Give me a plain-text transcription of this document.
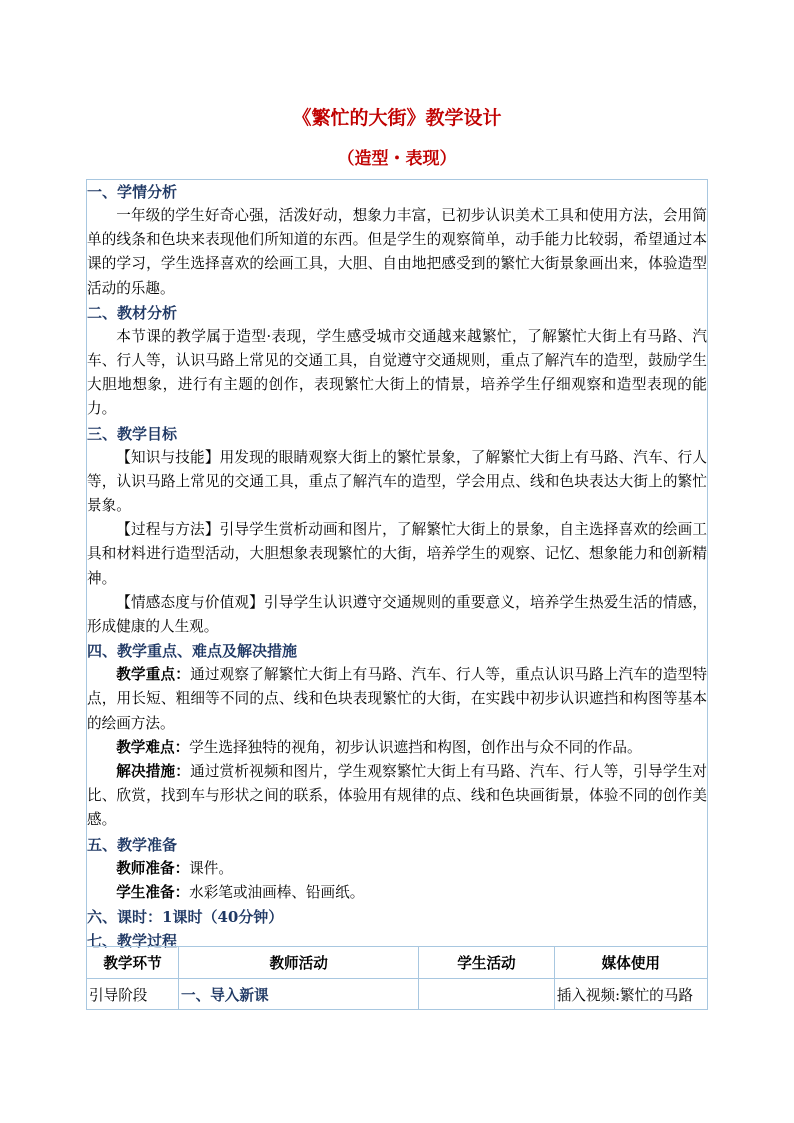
《繁忙的大街》教学设计
（造型・表现）
一、学情分析
一年级的学生好奇心强，活泼好动，想象力丰富，已初步认识美术工具和使用方法，会用简单的线条和色块来表现他们所知道的东西。但是学生的观察简单，动手能力比较弱，希望通过本课的学习，学生选择喜欢的绘画工具，大胆、自由地把感受到的繁忙大街景象画出来，体验造型活动的乐趣。
二、教材分析
本节课的教学属于造型·表现，学生感受城市交通越来越繁忙，了解繁忙大街上有马路、汽车、行人等，认识马路上常见的交通工具，自觉遵守交通规则，重点了解汽车的造型，鼓励学生大胆地想象，进行有主题的创作，表现繁忙大街上的情景，培养学生仔细观察和造型表现的能力。
三、教学目标
【知识与技能】用发现的眼睛观察大街上的繁忙景象，了解繁忙大街上有马路、汽车、行人等，认识马路上常见的交通工具，重点了解汽车的造型，学会用点、线和色块表达大街上的繁忙景象。
【过程与方法】引导学生赏析动画和图片，了解繁忙大街上的景象，自主选择喜欢的绘画工具和材料进行造型活动，大胆想象表现繁忙的大街，培养学生的观察、记忆、想象能力和创新精神。
【情感态度与价值观】引导学生认识遵守交通规则的重要意义，培养学生热爱生活的情感，形成健康的人生观。
四、教学重点、难点及解决措施
教学重点：通过观察了解繁忙大街上有马路、汽车、行人等，重点认识马路上汽车的造型特点，用长短、粗细等不同的点、线和色块表现繁忙的大街，在实践中初步认识遮挡和构图等基本的绘画方法。
教学难点：学生选择独特的视角，初步认识遮挡和构图，创作出与众不同的作品。
解决措施：通过赏析视频和图片，学生观察繁忙大街上有马路、汽车、行人等，引导学生对比、欣赏，找到车与形状之间的联系，体验用有规律的点、线和色块画街景，体验不同的创作美感。
五、教学准备
教师准备：课件。
学生准备：水彩笔或油画棒、铅画纸。
六、课时：1课时（40分钟）
七、教学过程
教学环节	教师活动	学生活动	媒体使用
引导阶段	一、导入新课		插入视频:繁忙的马路
